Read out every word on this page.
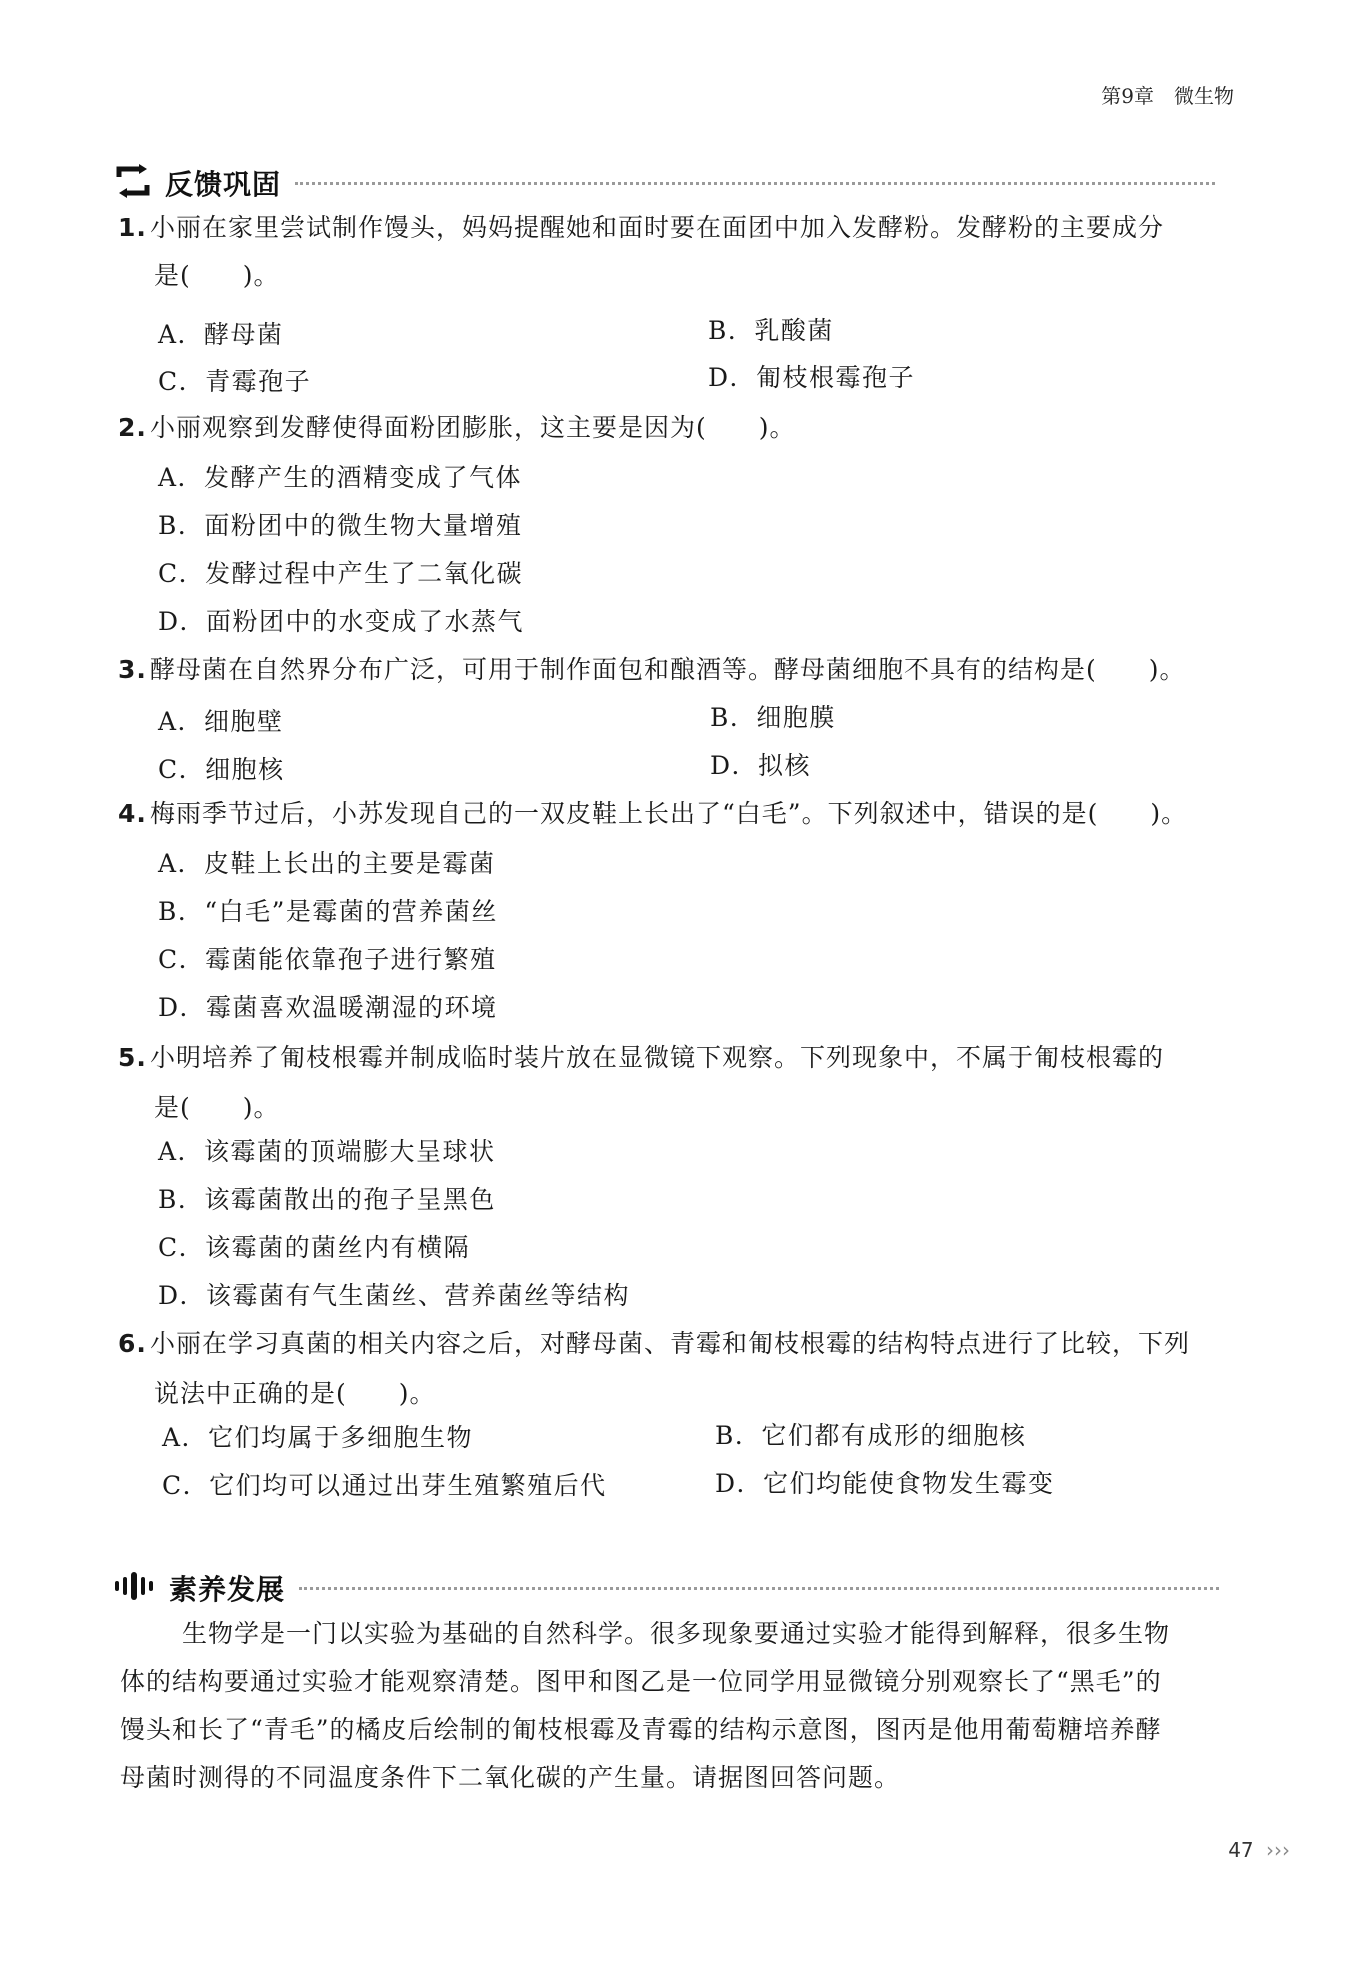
第9章　微生物
反馈巩固
1. 小丽在家里尝试制作馒头，妈妈提醒她和面时要在面团中加入发酵粉。发酵粉的主要成分
是(　　)。
A．酵母菌	B．乳酸菌
C．青霉孢子	D．匍枝根霉孢子
2. 小丽观察到发酵使得面粉团膨胀，这主要是因为(　　)。
A．发酵产生的酒精变成了气体
B．面粉团中的微生物大量增殖
C．发酵过程中产生了二氧化碳
D．面粉团中的水变成了水蒸气
3. 酵母菌在自然界分布广泛，可用于制作面包和酿酒等。酵母菌细胞不具有的结构是(　　)。
A．细胞壁	B．细胞膜
C．细胞核	D．拟核
4. 梅雨季节过后，小苏发现自己的一双皮鞋上长出了“白毛”。下列叙述中，错误的是(　　)。
A．皮鞋上长出的主要是霉菌
B．“白毛”是霉菌的营养菌丝
C．霉菌能依靠孢子进行繁殖
D．霉菌喜欢温暖潮湿的环境
5. 小明培养了匍枝根霉并制成临时装片放在显微镜下观察。下列现象中，不属于匍枝根霉的
是(　　)。
A．该霉菌的顶端膨大呈球状
B．该霉菌散出的孢子呈黑色
C．该霉菌的菌丝内有横隔
D．该霉菌有气生菌丝、营养菌丝等结构
6. 小丽在学习真菌的相关内容之后，对酵母菌、青霉和匍枝根霉的结构特点进行了比较，下列
说法中正确的是(　　)。
A．它们均属于多细胞生物	B．它们都有成形的细胞核
C．它们均可以通过出芽生殖繁殖后代	D．它们均能使食物发生霉变
素养发展
生物学是一门以实验为基础的自然科学。很多现象要通过实验才能得到解释，很多生物
体的结构要通过实验才能观察清楚。图甲和图乙是一位同学用显微镜分别观察长了“黑毛”的
馒头和长了“青毛”的橘皮后绘制的匍枝根霉及青霉的结构示意图，图丙是他用葡萄糖培养酵
母菌时测得的不同温度条件下二氧化碳的产生量。请据图回答问题。
47 ›››
